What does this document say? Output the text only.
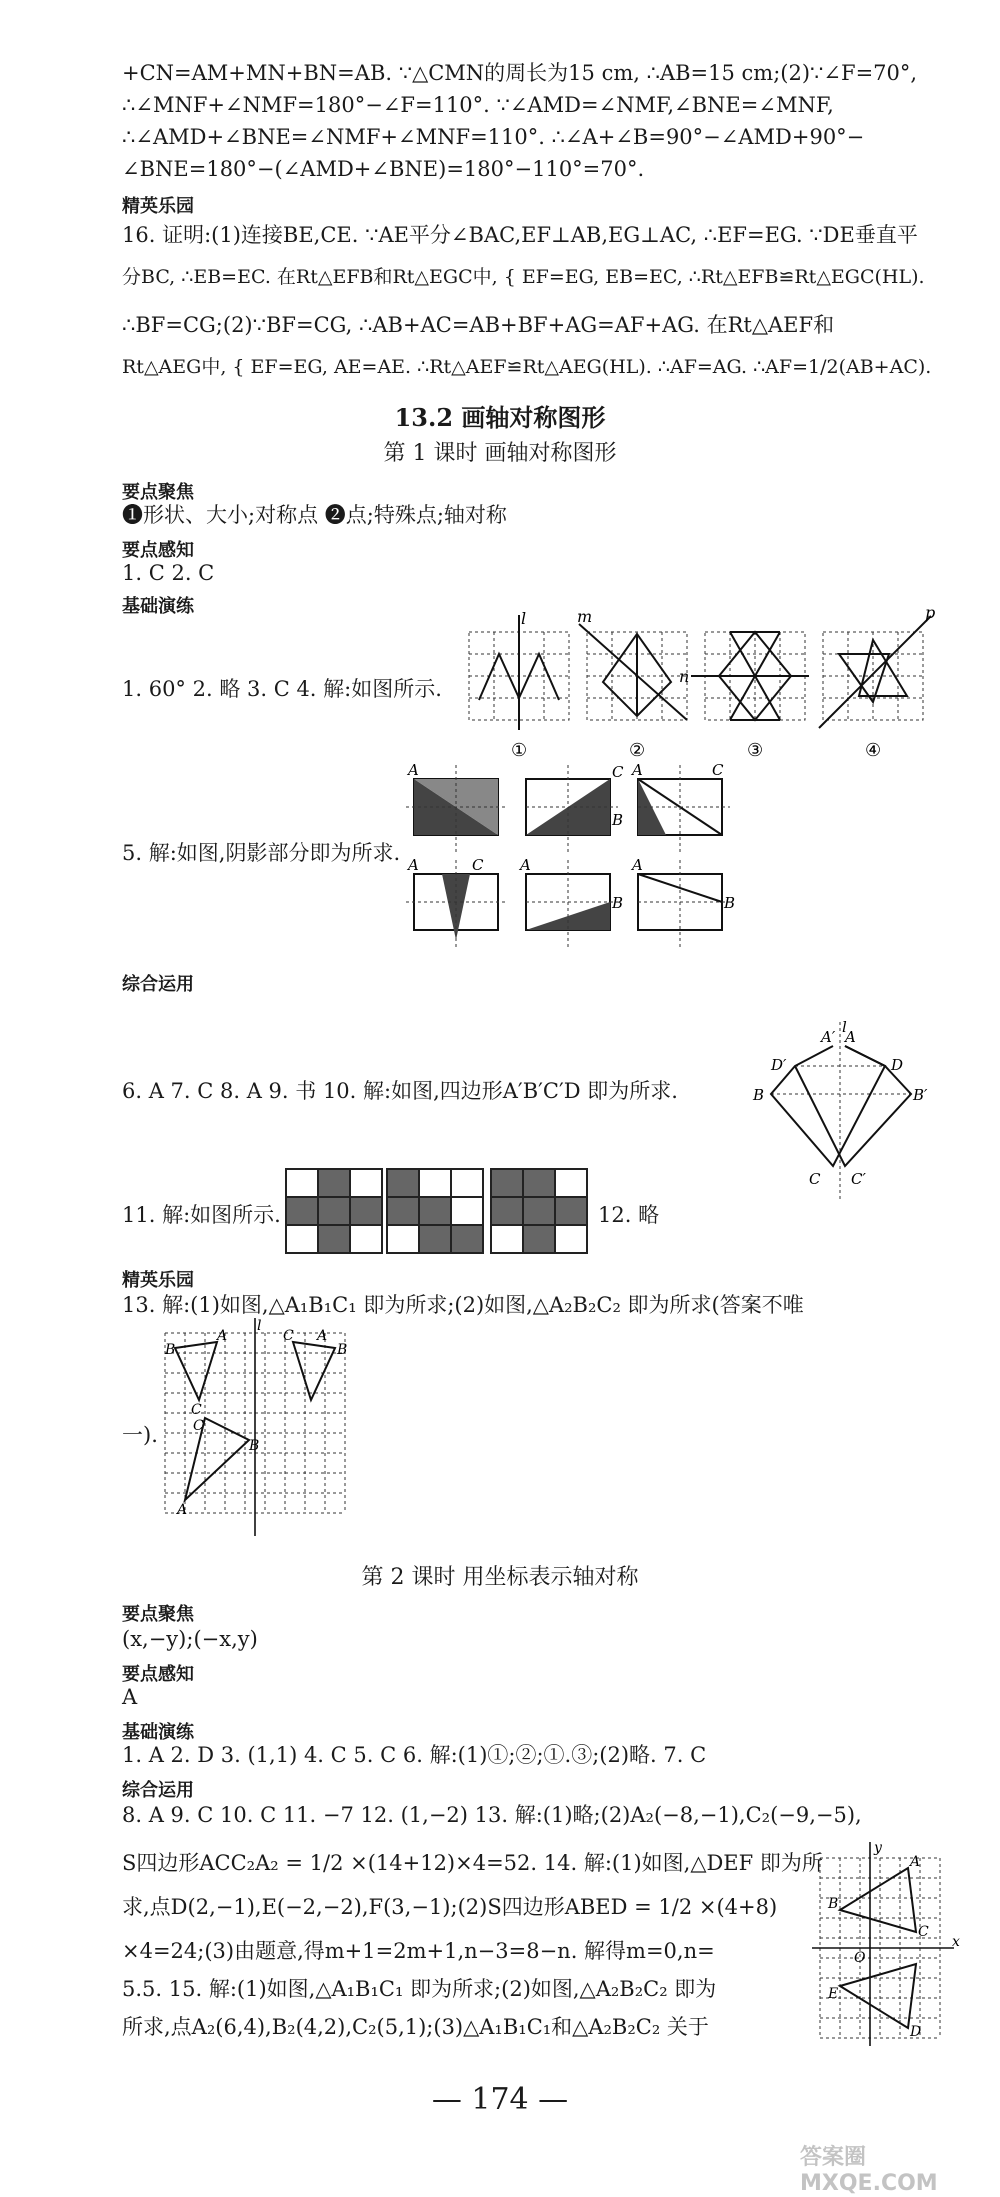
+CN=AM+MN+BN=AB. ∵△CMN的周长为15 cm, ∴AB=15 cm;(2)∵∠F=70°,
∴∠MNF+∠NMF=180°−∠F=110°. ∵∠AMD=∠NMF,∠BNE=∠MNF,
∴∠AMD+∠BNE=∠NMF+∠MNF=110°. ∴∠A+∠B=90°−∠AMD+90°−
∠BNE=180°−(∠AMD+∠BNE)=180°−110°=70°.
精英乐园
16. 证明:(1)连接BE,CE. ∵AE平分∠BAC,EF⊥AB,EG⊥AC, ∴EF=EG. ∵DE垂直平
分BC, ∴EB=EC. 在Rt△EFB和Rt△EGC中, { EF=EG, EB=EC, ∴Rt△EFB≌Rt△EGC(HL).
∴BF=CG;(2)∵BF=CG, ∴AB+AC=AB+BF+AG=AF+AG. 在Rt△AEF和
Rt△AEG中, { EF=EG, AE=AE. ∴Rt△AEF≌Rt△AEG(HL). ∴AF=AG. ∴AF=1/2(AB+AC).
13.2 画轴对称图形
第 1 课时 画轴对称图形
要点聚焦
❶形状、大小;对称点 ❷点;特殊点;轴对称
要点感知
1. C 2. C
基础演练
1. 60° 2. 略 3. C 4. 解:如图所示.
l
①
m
②
n
③
p
④
A	C
B
A	C
A	C A
B
A
B
5. 解:如图,阴影部分即为所求.
综合运用
l
A′ A
D′	D
B	B′
C C′
6. A 7. C 8. A 9. 书 10. 解:如图,四边形A′B′C′D 即为所求.
11. 解:如图所示.	12. 略
精英乐园
13. 解:(1)如图,△A₁B₁C₁ 即为所求;(2)如图,△A₂B₂C₂ 即为所求(答案不唯
l
B
A
C
A
C
B
C
B
A
一).
第 2 课时 用坐标表示轴对称
要点聚焦
(x,−y);(−x,y)
要点感知
A
基础演练
1. A 2. D 3. (1,1) 4. C 5. C 6. 解:(1)①;②;①.③;(2)略. 7. C
综合运用
8. A 9. C 10. C 11. −7 12. (1,−2) 13. 解:(1)略;(2)A₂(−8,−1),C₂(−9,−5),
S四边形ACC₂A₂ = 1/2 ×(14+12)×4=52. 14. 解:(1)如图,△DEF 即为所
求,点D(2,−1),E(−2,−2),F(3,−1);(2)S四边形ABED = 1/2 ×(4+8)
×4=24;(3)由题意,得m+1=2m+1,n−3=8−n. 解得m=0,n=
5.5. 15. 解:(1)如图,△A₁B₁C₁ 即为所求;(2)如图,△A₂B₂C₂ 即为
所求,点A₂(6,4),B₂(4,2),C₂(5,1);(3)△A₁B₁C₁和△A₂B₂C₂ 关于
y
x
O
A
B
C
E
D
— 174 —
答案圈 MXQE.COM
